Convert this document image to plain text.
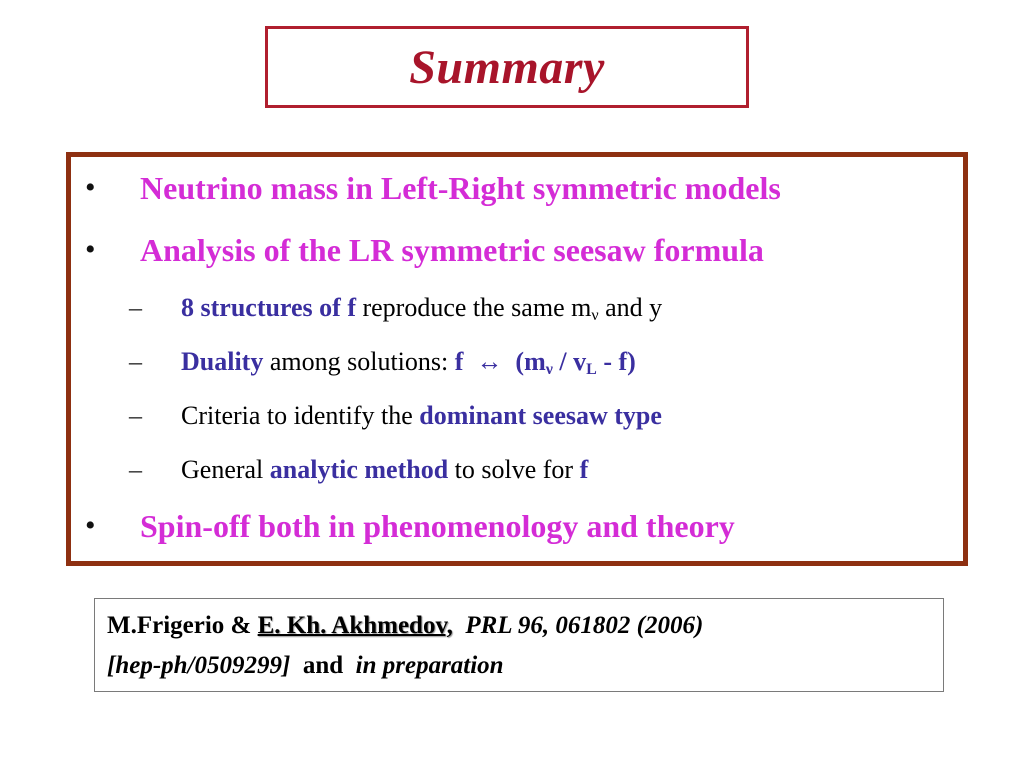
Summary
• Neutrino mass in Left-Right symmetric models
• Analysis of the LR symmetric seesaw formula
– 8 structures of f reproduce the same $m_\nu$ and y
– Duality among solutions: f ↔ $(m_\nu / v_L - f)$
– Criteria to identify the dominant seesaw type
– General analytic method to solve for f
• Spin-off both in phenomenology and theory
M.Frigerio & E. Kh. Akhmedov, PRL 96, 061802 (2006)
[hep-ph/0509299] and in preparation
